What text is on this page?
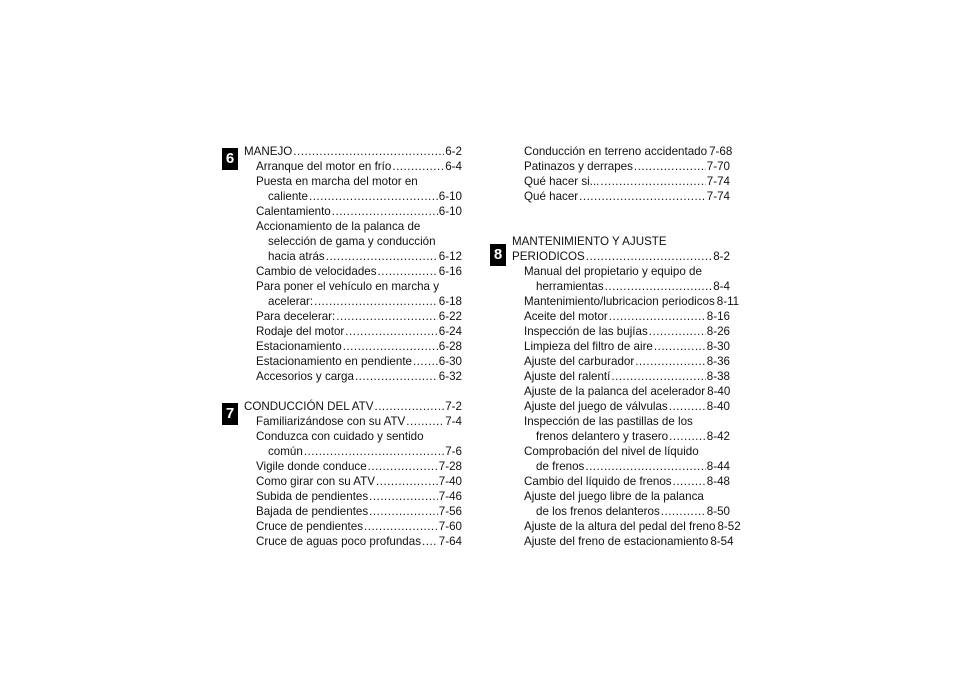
6 MANEJO .....	6-2
Arranque del motor en frío .....	6-4
Puesta en marcha del motor en
caliente .....	6-10
Calentamiento .....	6-10
Accionamiento de la palanca de
selección de gama y conducción
hacia atrás .....	6-12
Cambio de velocidades .....	6-16
Para poner el vehículo en marcha y
acelerar: .....	6-18
Para decelerar: .....	6-22
Rodaje del motor .....	6-24
Estacionamiento .....	6-28
Estacionamiento en pendiente ..... 6-30
Accesorios y carga .....	6-32
7 CONDUCCIÓN DEL ATV .....	7-2
Familiarizándose con su ATV .....	7-4
Conduzca con cuidado y sentido
común .....	7-6
Vigile donde conduce .....	7-28
Como girar con su ATV .....	7-40
Subida de pendientes .....	7-46
Bajada de pendientes .....	7-56
Cruce de pendientes .....	7-60
Cruce de aguas poco profundas ..... 7-64
Conducción en terreno accidentado 7-68
Patinazos y derrapes .....	7-70
Qué hacer si... .....	7-74
Qué hacer .....	7-74
8
MANTENIMIENTO Y AJUSTE
PERIODICOS .....	8-2
Manual del propietario y equipo de
herramientas .....	8-4
Mantenimiento/lubricacion periodicos 8-11
Aceite del motor .....	8-16
Inspección de las bujías .....	8-26
Limpieza del filtro de aire .....	8-30
Ajuste del carburador .....	8-36
Ajuste del ralentí .....	8-38
Ajuste de la palanca del acelerador 8-40
Ajuste del juego de válvulas .....	8-40
Inspección de las pastillas de los
frenos delantero y trasero .....	8-42
Comprobación del nivel de líquido
de frenos .....	8-44
Cambio del líquido de frenos .....	8-48
Ajuste del juego libre de la palanca
de los frenos delanteros .....	8-50
Ajuste de la altura del pedal del freno 8-52
Ajuste del freno de estacionamiento 8-54
